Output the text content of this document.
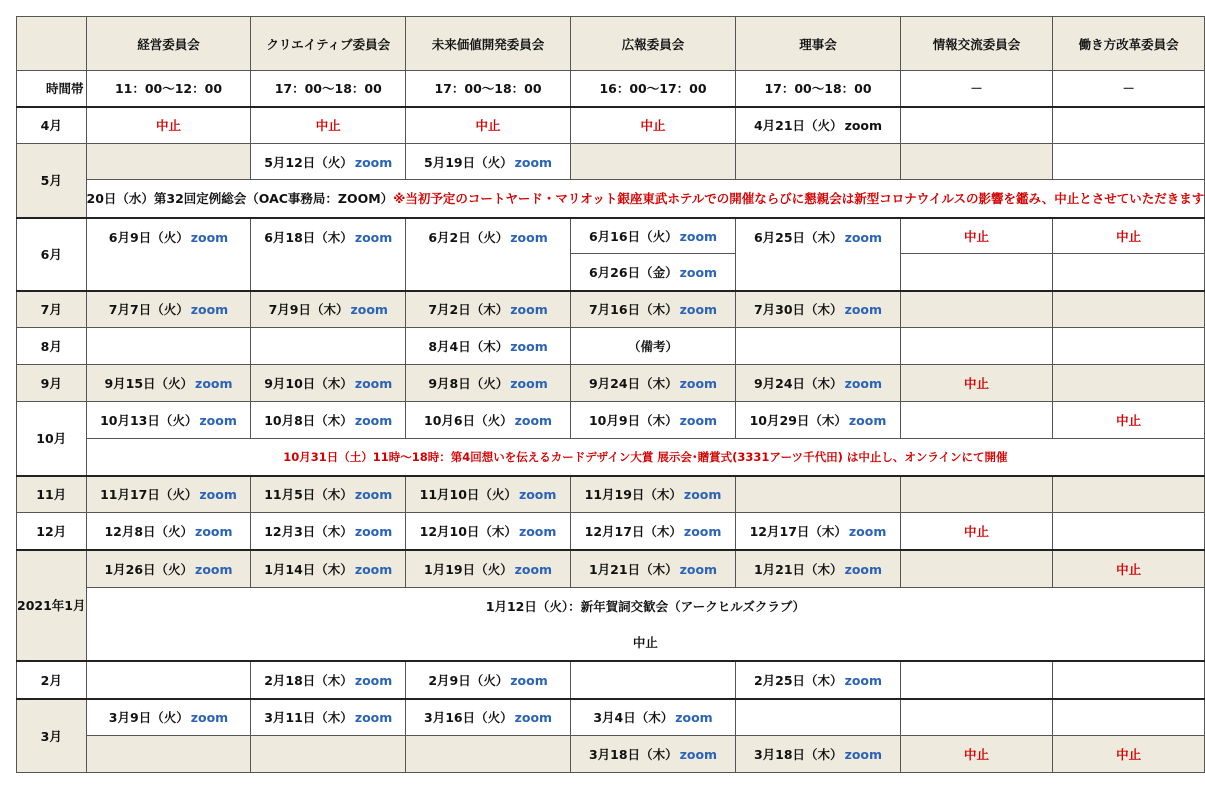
	経営委員会	クリエイティブ委員会	未来価値開発委員会	広報委員会	理事会	情報交流委員会	働き方改革委員会
時間帯	11：00～12：00	17：00～18：00	17：00～18：00	16：00～17：00	17：00～18：00	－	－
4月	中止	中止	中止	中止	4月21日（火） zoom		
5月		5月12日（火） zoom	5月19日（火） zoom				
	20日（水）第32回定例総会（OAC事務局：ZOOM）※当初予定のコートヤード・マリオット銀座東武ホテルでの開催ならびに懇親会は新型コロナウイルスの影響を鑑み、中止とさせていただきます						
6月	6月9日（火） zoom	6月18日（木） zoom	6月2日（火） zoom	6月16日（火） zoom	6月25日（木） zoom	中止	中止
				6月26日（金） zoom			
7月	7月7日（火） zoom	7月9日（木） zoom	7月2日（木） zoom	7月16日（木） zoom	7月30日（木） zoom		
8月			8月4日（木） zoom	（備考）			
9月	9月15日（火） zoom	9月10日（木） zoom	9月8日（火） zoom	9月24日（木） zoom	9月24日（木） zoom	中止	
10月	10月13日（火） zoom	10月8日（木） zoom	10月6日（火） zoom	10月9日（木） zoom	10月29日（木） zoom		中止
	10月31日（土）11時～18時：第4回想いを伝えるカードデザイン大賞 展示会･贈賞式(3331アーツ千代田) は中止し、オンラインにて開催						
11月	11月17日（火） zoom	11月5日（木） zoom	11月10日（火） zoom	11月19日（木） zoom			
12月	12月8日（火） zoom	12月3日（木） zoom	12月10日（木） zoom	12月17日（木） zoom	12月17日（木） zoom	中止	
2021年1月	1月26日（火） zoom	1月14日（木） zoom	1月19日（火） zoom	1月21日（木） zoom	1月21日（木） zoom		中止
	1月12日（火）：新年賀詞交歓会（アークヒルズクラブ）						
	中止						
2月		2月18日（木） zoom	2月9日（火） zoom		2月25日（木） zoom		
3月	3月9日（火） zoom	3月11日（木） zoom	3月16日（火） zoom	3月4日（木） zoom			
				3月18日（木） zoom	3月18日（木） zoom	中止	中止
